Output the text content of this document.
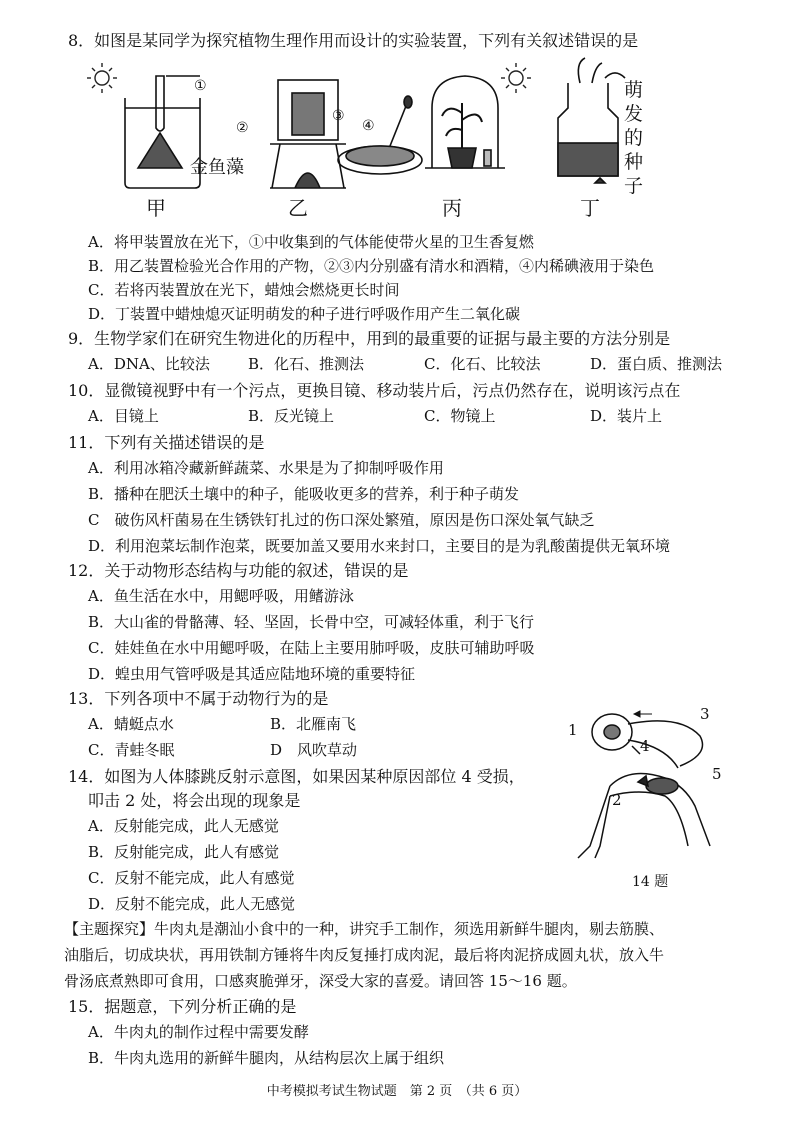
8．如图是某同学为探究植物生理作用而设计的实验装置，下列有关叙述错误的是
①
②
③
④
金鱼藻
萌
发
的
种
子
甲	乙	丙	丁
A．将甲装置放在光下，①中收集到的气体能使带火星的卫生香复燃
B．用乙装置检验光合作用的产物，②③内分别盛有清水和酒精，④内稀碘液用于染色
C．若将丙装置放在光下，蜡烛会燃烧更长时间
D．丁装置中蜡烛熄灭证明萌发的种子进行呼吸作用产生二氧化碳
9．生物学家们在研究生物进化的历程中，用到的最重要的证据与最主要的方法分别是
A．DNA、比较法	B．化石、推测法	C．化石、比较法	D．蛋白质、推测法
10．显微镜视野中有一个污点，更换目镜、移动装片后，污点仍然存在，说明该污点在
A．目镜上	B．反光镜上	C．物镜上	D．装片上
11．下列有关描述错误的是
A．利用冰箱冷藏新鲜蔬菜、水果是为了抑制呼吸作用
B．播种在肥沃土壤中的种子，能吸收更多的营养，利于种子萌发
C　破伤风杆菌易在生锈铁钉扎过的伤口深处繁殖，原因是伤口深处氧气缺乏
D．利用泡菜坛制作泡菜，既要加盖又要用水来封口，主要目的是为乳酸菌提供无氧环境
12．关于动物形态结构与功能的叙述，错误的是
A．鱼生活在水中，用鳃呼吸，用鳍游泳
B．大山雀的骨骼薄、轻、坚固，长骨中空，可减轻体重，利于飞行
C．娃娃鱼在水中用鳃呼吸，在陆上主要用肺呼吸，皮肤可辅助呼吸
D．蝗虫用气管呼吸是其适应陆地环境的重要特征
13．下列各项中不属于动物行为的是
A．蜻蜓点水	B．北雁南飞
C．青蛙冬眠	D　风吹草动
14．如图为人体膝跳反射示意图，如果因某种原因部位 4 受损，
叩击 2 处，将会出现的现象是
A．反射能完成，此人无感觉
B．反射能完成，此人有感觉
C．反射不能完成，此人有感觉
D．反射不能完成，此人无感觉
1
2
3
4
5
14 题
【主题探究】牛肉丸是潮汕小食中的一种，讲究手工制作，须选用新鲜牛腿肉，剔去筋膜、
油脂后，切成块状，再用铁制方锤将牛肉反复捶打成肉泥，最后将肉泥挤成圆丸状，放入牛
骨汤底煮熟即可食用，口感爽脆弹牙，深受大家的喜爱。请回答 15～16 题。
15．据题意，下列分析正确的是
A．牛肉丸的制作过程中需要发酵
B．牛肉丸选用的新鲜牛腿肉，从结构层次上属于组织
中考模拟考试生物试题　第 2 页　（共 6 页）
